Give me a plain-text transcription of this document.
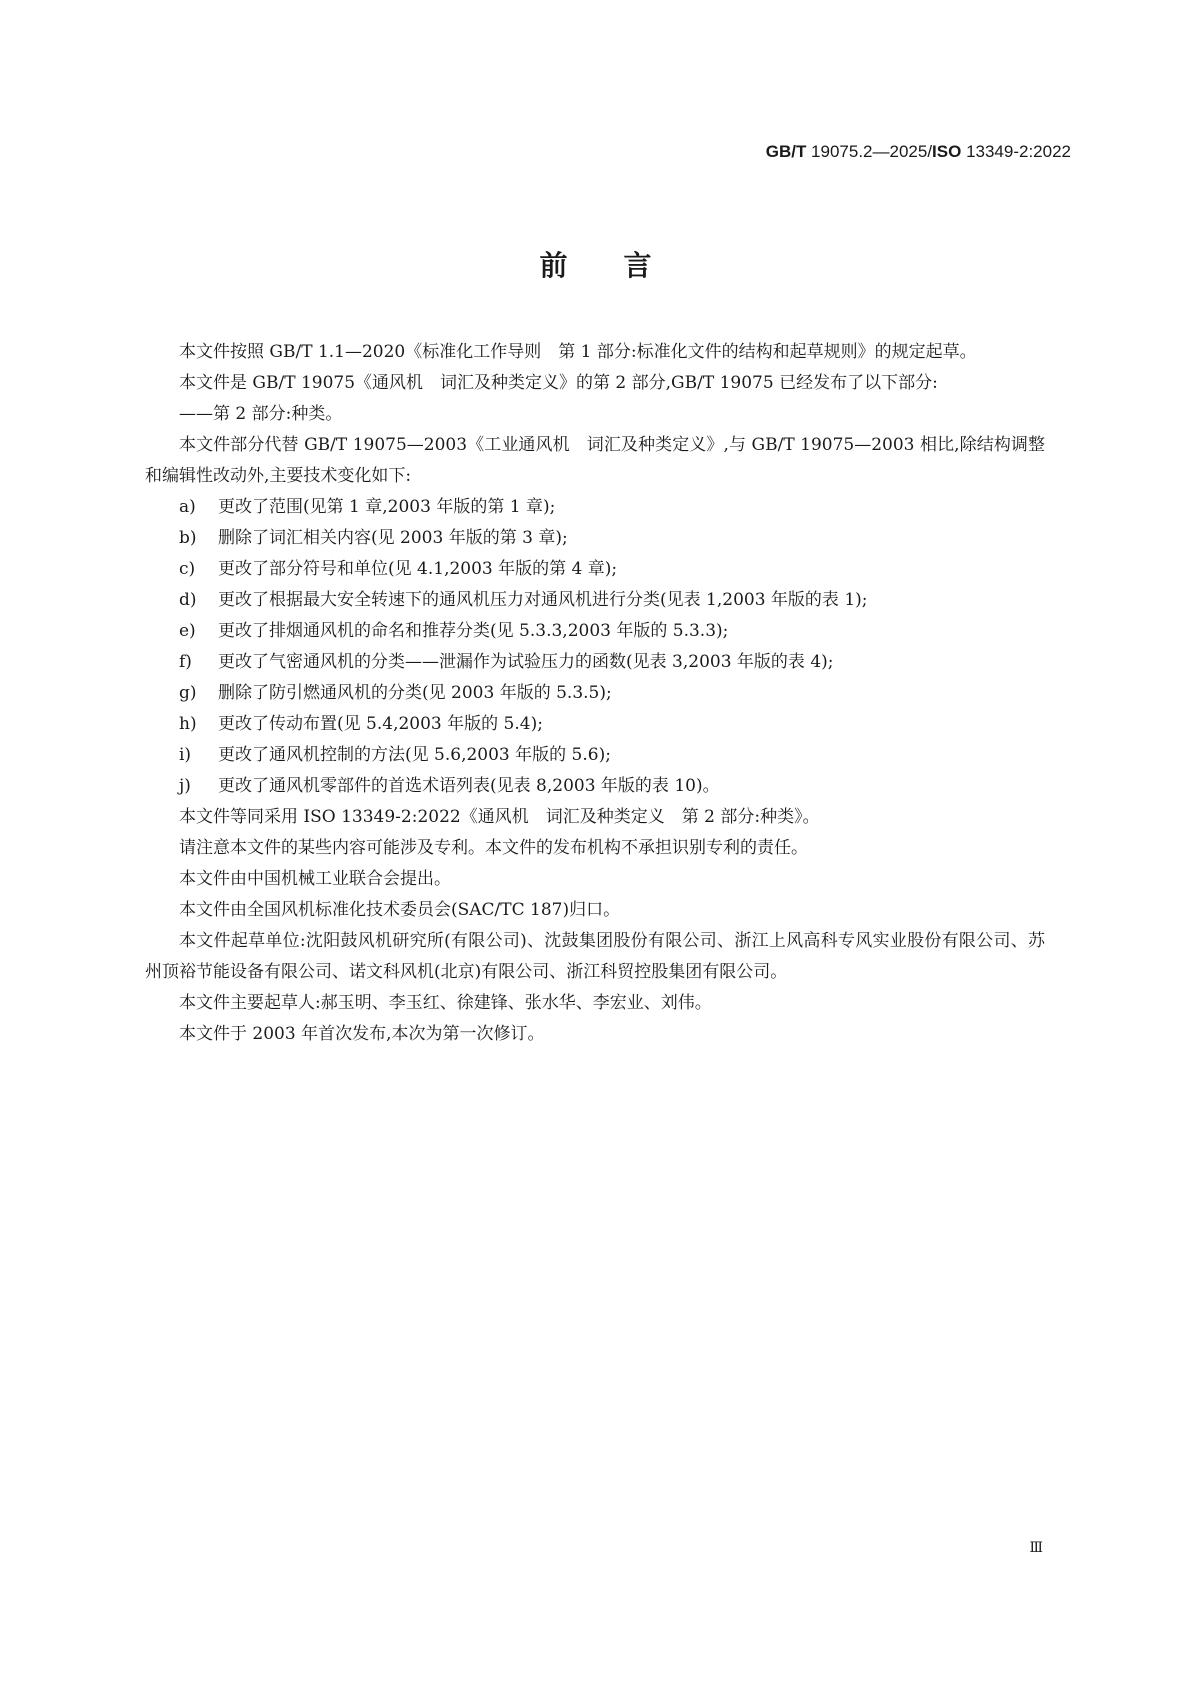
GB/T 19075.2—2025/ISO 13349-2:2022
前 言

本文件按照 GB/T 1.1—2020《标准化工作导则　第 1 部分:标准化文件的结构和起草规则》的规定起草。

本文件是 GB/T 19075《通风机　词汇及种类定义》的第 2 部分,GB/T 19075 已经发布了以下部分:

——第 2 部分:种类。

本文件部分代替 GB/T 19075—2003《工业通风机　词汇及种类定义》,与 GB/T 19075—2003 相比,除结构调整和编辑性改动外,主要技术变化如下:

a) 更改了范围(见第 1 章,2003 年版的第 1 章);

b) 删除了词汇相关内容(见 2003 年版的第 3 章);

c) 更改了部分符号和单位(见 4.1,2003 年版的第 4 章);

d) 更改了根据最大安全转速下的通风机压力对通风机进行分类(见表 1,2003 年版的表 1);

e) 更改了排烟通风机的命名和推荐分类(见 5.3.3,2003 年版的 5.3.3);

f) 更改了气密通风机的分类——泄漏作为试验压力的函数(见表 3,2003 年版的表 4);

g) 删除了防引燃通风机的分类(见 2003 年版的 5.3.5);

h) 更改了传动布置(见 5.4,2003 年版的 5.4);

i) 更改了通风机控制的方法(见 5.6,2003 年版的 5.6);

j) 更改了通风机零部件的首选术语列表(见表 8,2003 年版的表 10)。

本文件等同采用 ISO 13349-2:2022《通风机　词汇及种类定义　第 2 部分:种类》。

请注意本文件的某些内容可能涉及专利。本文件的发布机构不承担识别专利的责任。

本文件由中国机械工业联合会提出。

本文件由全国风机标准化技术委员会(SAC/TC 187)归口。

本文件起草单位:沈阳鼓风机研究所(有限公司)、沈鼓集团股份有限公司、浙江上风高科专风实业股份有限公司、苏州顶裕节能设备有限公司、诺文科风机(北京)有限公司、浙江科贸控股集团有限公司。

本文件主要起草人:郝玉明、李玉红、徐建锋、张水华、李宏业、刘伟。

本文件于 2003 年首次发布,本次为第一次修订。

Ⅲ
